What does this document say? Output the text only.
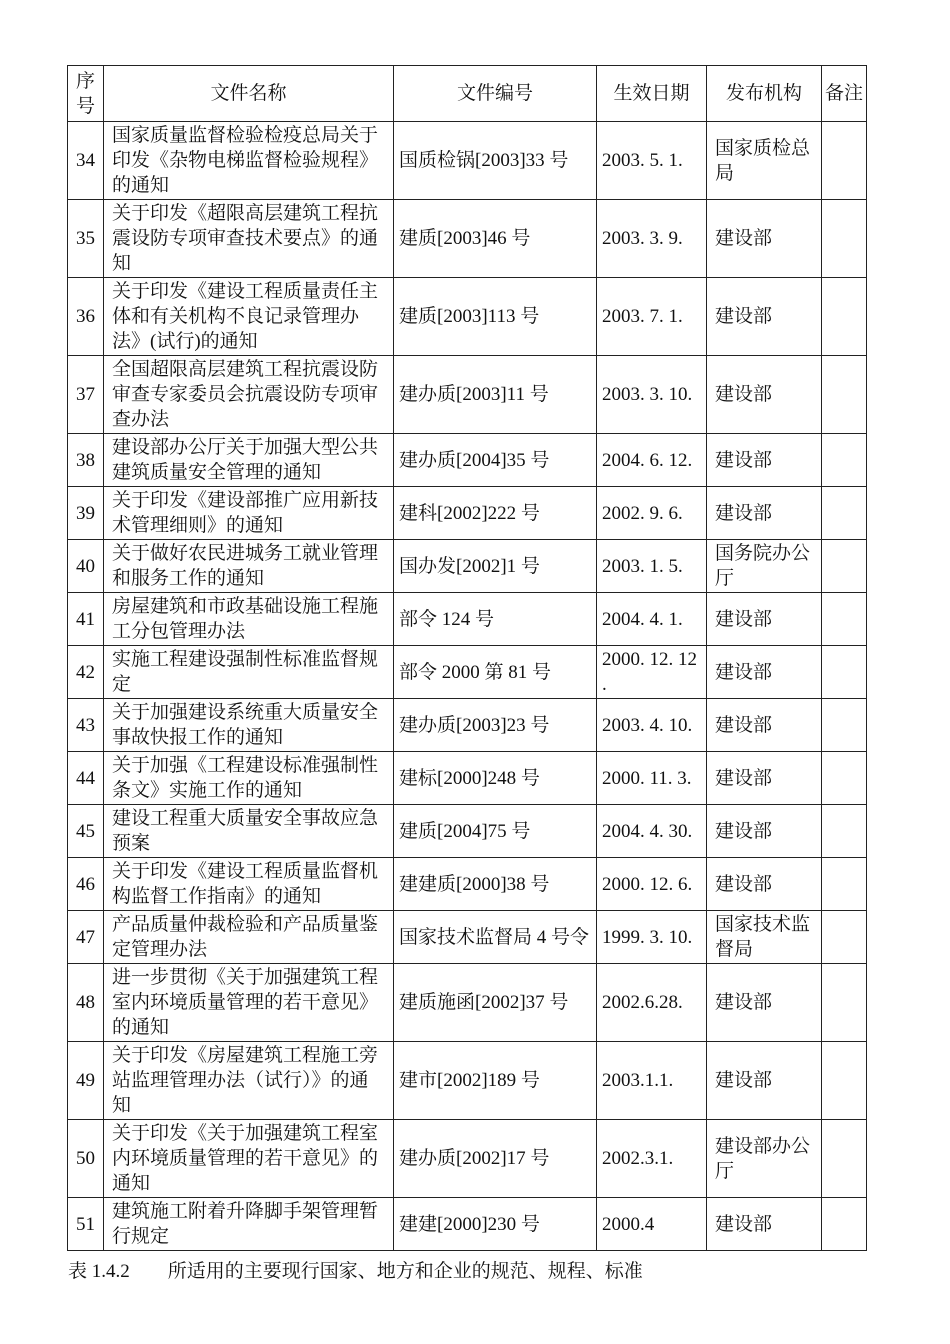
序号	文件名称	文件编号	生效日期	发布机构	备注
34	国家质量监督检验检疫总局关于印发《杂物电梯监督检验规程》的通知	国质检锅[2003]33 号	2003. 5. 1.	国家质检总局	
35	关于印发《超限高层建筑工程抗震设防专项审查技术要点》的通知	建质[2003]46 号	2003. 3. 9.	建设部	
36	关于印发《建设工程质量责任主体和有关机构不良记录管理办法》(试行)的通知	建质[2003]113 号	2003. 7. 1.	建设部	
37	全国超限高层建筑工程抗震设防审查专家委员会抗震设防专项审查办法	建办质[2003]11 号	2003. 3. 10.	建设部	
38	建设部办公厅关于加强大型公共建筑质量安全管理的通知	建办质[2004]35 号	2004. 6. 12.	建设部	
39	关于印发《建设部推广应用新技术管理细则》的通知	建科[2002]222 号	2002. 9. 6.	建设部	
40	关于做好农民进城务工就业管理和服务工作的通知	国办发[2002]1 号	2003. 1. 5.	国务院办公厅	
41	房屋建筑和市政基础设施工程施工分包管理办法	部令 124 号	2004. 4. 1.	建设部	
42	实施工程建设强制性标准监督规定	部令 2000 第 81 号	2000. 12. 12 .	建设部	
43	关于加强建设系统重大质量安全事故快报工作的通知	建办质[2003]23 号	2003. 4. 10.	建设部	
44	关于加强《工程建设标准强制性条文》实施工作的通知	建标[2000]248 号	2000. 11. 3.	建设部	
45	建设工程重大质量安全事故应急预案	建质[2004]75 号	2004. 4. 30.	建设部	
46	关于印发《建设工程质量监督机构监督工作指南》的通知	建建质[2000]38 号	2000. 12. 6.	建设部	
47	产品质量仲裁检验和产品质量鉴定管理办法	国家技术监督局 4 号令	1999. 3. 10.	国家技术监督局	
48	进一步贯彻《关于加强建筑工程室内环境质量管理的若干意见》的通知	建质施函[2002]37 号	2002.6.28.	建设部	
49	关于印发《房屋建筑工程施工旁站监理管理办法（试行）》的通知	建市[2002]189 号	2003.1.1.	建设部	
50	关于印发《关于加强建筑工程室内环境质量管理的若干意见》的通知	建办质[2002]17 号	2002.3.1.	建设部办公厅	
51	建筑施工附着升降脚手架管理暂行规定	建建[2000]230 号	2000.4	建设部	
表 1.4.2　　所适用的主要现行国家、地方和企业的规范、规程、标准
